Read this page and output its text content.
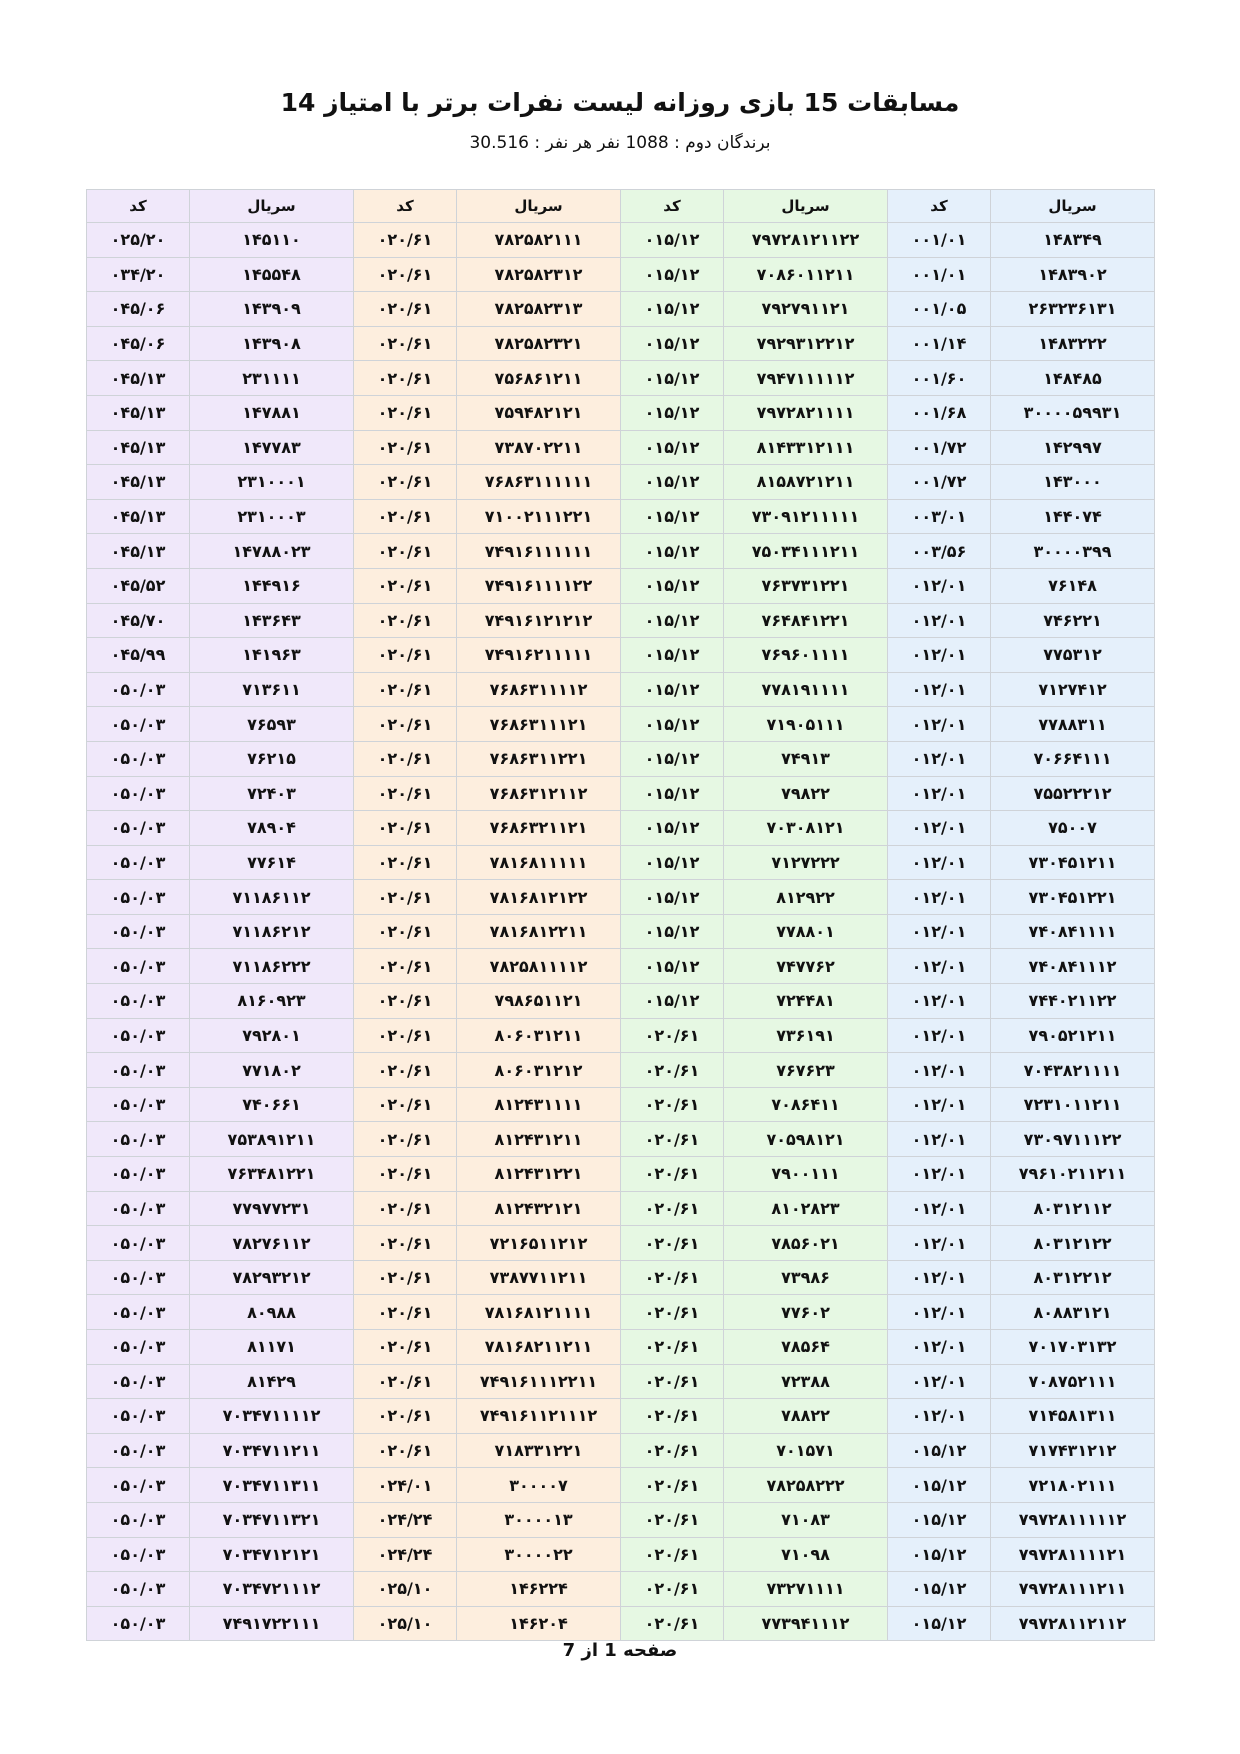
مسابقات 15 بازی روزانه لیست نفرات برتر با امتیاز 14
برندگان دوم : 1088 نفر هر نفر : 30.516
سریال	کد	سریال	کد	سریال	کد	سریال	کد
۱۴۸۳۴۹	۰۰۱/۰۱	۷۹۷۲۸۱۲۱۱۲۲	۰۱۵/۱۲	۷۸۲۵۸۲۱۱۱	۰۲۰/۶۱	۱۴۵۱۱۰	۰۲۵/۲۰
۱۴۸۳۹۰۲	۰۰۱/۰۱	۷۰۸۶۰۱۱۲۱۱	۰۱۵/۱۲	۷۸۲۵۸۲۳۱۲	۰۲۰/۶۱	۱۴۵۵۴۸	۰۳۴/۲۰
۲۶۳۲۳۶۱۳۱	۰۰۱/۰۵	۷۹۲۷۹۱۱۲۱	۰۱۵/۱۲	۷۸۲۵۸۲۳۱۳	۰۲۰/۶۱	۱۴۳۹۰۹	۰۴۵/۰۶
۱۴۸۳۲۲۲	۰۰۱/۱۴	۷۹۲۹۳۱۲۲۱۲	۰۱۵/۱۲	۷۸۲۵۸۲۳۲۱	۰۲۰/۶۱	۱۴۳۹۰۸	۰۴۵/۰۶
۱۴۸۴۸۵	۰۰۱/۶۰	۷۹۴۷۱۱۱۱۱۲	۰۱۵/۱۲	۷۵۶۸۶۱۲۱۱	۰۲۰/۶۱	۲۳۱۱۱۱	۰۴۵/۱۳
۳۰۰۰۰۵۹۹۳۱	۰۰۱/۶۸	۷۹۷۲۸۲۱۱۱۱	۰۱۵/۱۲	۷۵۹۴۸۲۱۲۱	۰۲۰/۶۱	۱۴۷۸۸۱	۰۴۵/۱۳
۱۴۲۹۹۷	۰۰۱/۷۲	۸۱۴۳۳۱۲۱۱۱	۰۱۵/۱۲	۷۳۸۷۰۲۲۱۱	۰۲۰/۶۱	۱۴۷۷۸۳	۰۴۵/۱۳
۱۴۳۰۰۰	۰۰۱/۷۲	۸۱۵۸۷۲۱۲۱۱	۰۱۵/۱۲	۷۶۸۶۳۱۱۱۱۱۱	۰۲۰/۶۱	۲۳۱۰۰۰۱	۰۴۵/۱۳
۱۴۴۰۷۴	۰۰۳/۰۱	۷۳۰۹۱۲۱۱۱۱۱	۰۱۵/۱۲	۷۱۰۰۲۱۱۱۲۲۱	۰۲۰/۶۱	۲۳۱۰۰۰۳	۰۴۵/۱۳
۳۰۰۰۰۳۹۹	۰۰۳/۵۶	۷۵۰۳۴۱۱۱۲۱۱	۰۱۵/۱۲	۷۴۹۱۶۱۱۱۱۱۱	۰۲۰/۶۱	۱۴۷۸۸۰۲۳	۰۴۵/۱۳
۷۶۱۴۸	۰۱۲/۰۱	۷۶۳۷۳۱۲۲۱	۰۱۵/۱۲	۷۴۹۱۶۱۱۱۱۲۲	۰۲۰/۶۱	۱۴۴۹۱۶	۰۴۵/۵۲
۷۴۶۲۲۱	۰۱۲/۰۱	۷۶۴۸۴۱۲۲۱	۰۱۵/۱۲	۷۴۹۱۶۱۲۱۲۱۲	۰۲۰/۶۱	۱۴۳۶۴۳	۰۴۵/۷۰
۷۷۵۳۱۲	۰۱۲/۰۱	۷۶۹۶۰۱۱۱۱	۰۱۵/۱۲	۷۴۹۱۶۲۱۱۱۱۱	۰۲۰/۶۱	۱۴۱۹۶۳	۰۴۵/۹۹
۷۱۲۷۴۱۲	۰۱۲/۰۱	۷۷۸۱۹۱۱۱۱	۰۱۵/۱۲	۷۶۸۶۳۱۱۱۱۲	۰۲۰/۶۱	۷۱۳۶۱۱	۰۵۰/۰۳
۷۷۸۸۳۱۱	۰۱۲/۰۱	۷۱۹۰۵۱۱۱	۰۱۵/۱۲	۷۶۸۶۳۱۱۱۲۱	۰۲۰/۶۱	۷۶۵۹۳	۰۵۰/۰۳
۷۰۶۶۴۱۱۱	۰۱۲/۰۱	۷۴۹۱۳	۰۱۵/۱۲	۷۶۸۶۳۱۱۲۲۱	۰۲۰/۶۱	۷۶۲۱۵	۰۵۰/۰۳
۷۵۵۲۲۲۱۲	۰۱۲/۰۱	۷۹۸۲۲	۰۱۵/۱۲	۷۶۸۶۳۱۲۱۱۲	۰۲۰/۶۱	۷۲۴۰۳	۰۵۰/۰۳
۷۵۰۰۷	۰۱۲/۰۱	۷۰۳۰۸۱۲۱	۰۱۵/۱۲	۷۶۸۶۳۲۱۱۲۱	۰۲۰/۶۱	۷۸۹۰۴	۰۵۰/۰۳
۷۳۰۴۵۱۲۱۱	۰۱۲/۰۱	۷۱۲۷۲۲۲	۰۱۵/۱۲	۷۸۱۶۸۱۱۱۱۱	۰۲۰/۶۱	۷۷۶۱۴	۰۵۰/۰۳
۷۳۰۴۵۱۲۲۱	۰۱۲/۰۱	۸۱۲۹۲۲	۰۱۵/۱۲	۷۸۱۶۸۱۲۱۲۲	۰۲۰/۶۱	۷۱۱۸۶۱۱۲	۰۵۰/۰۳
۷۴۰۸۴۱۱۱۱	۰۱۲/۰۱	۷۷۸۸۰۱	۰۱۵/۱۲	۷۸۱۶۸۱۲۲۱۱	۰۲۰/۶۱	۷۱۱۸۶۲۱۲	۰۵۰/۰۳
۷۴۰۸۴۱۱۱۲	۰۱۲/۰۱	۷۴۷۷۶۲	۰۱۵/۱۲	۷۸۲۵۸۱۱۱۱۲	۰۲۰/۶۱	۷۱۱۸۶۲۲۲	۰۵۰/۰۳
۷۴۴۰۲۱۱۲۲	۰۱۲/۰۱	۷۲۴۴۸۱	۰۱۵/۱۲	۷۹۸۶۵۱۱۲۱	۰۲۰/۶۱	۸۱۶۰۹۲۳	۰۵۰/۰۳
۷۹۰۵۲۱۲۱۱	۰۱۲/۰۱	۷۳۶۱۹۱	۰۲۰/۶۱	۸۰۶۰۳۱۲۱۱	۰۲۰/۶۱	۷۹۲۸۰۱	۰۵۰/۰۳
۷۰۴۳۸۲۱۱۱۱	۰۱۲/۰۱	۷۶۷۶۲۳	۰۲۰/۶۱	۸۰۶۰۳۱۲۱۲	۰۲۰/۶۱	۷۷۱۸۰۲	۰۵۰/۰۳
۷۲۳۱۰۱۱۲۱۱	۰۱۲/۰۱	۷۰۸۶۴۱۱	۰۲۰/۶۱	۸۱۲۴۳۱۱۱۱	۰۲۰/۶۱	۷۴۰۶۶۱	۰۵۰/۰۳
۷۳۰۹۷۱۱۱۲۲	۰۱۲/۰۱	۷۰۵۹۸۱۲۱	۰۲۰/۶۱	۸۱۲۴۳۱۲۱۱	۰۲۰/۶۱	۷۵۳۸۹۱۲۱۱	۰۵۰/۰۳
۷۹۶۱۰۲۱۱۲۱۱	۰۱۲/۰۱	۷۹۰۰۱۱۱	۰۲۰/۶۱	۸۱۲۴۳۱۲۲۱	۰۲۰/۶۱	۷۶۳۴۸۱۲۲۱	۰۵۰/۰۳
۸۰۳۱۲۱۱۲	۰۱۲/۰۱	۸۱۰۲۸۲۳	۰۲۰/۶۱	۸۱۲۴۳۲۱۲۱	۰۲۰/۶۱	۷۷۹۷۷۲۳۱	۰۵۰/۰۳
۸۰۳۱۲۱۲۲	۰۱۲/۰۱	۷۸۵۶۰۲۱	۰۲۰/۶۱	۷۲۱۶۵۱۱۲۱۲	۰۲۰/۶۱	۷۸۲۷۶۱۱۲	۰۵۰/۰۳
۸۰۳۱۲۲۱۲	۰۱۲/۰۱	۷۳۹۸۶	۰۲۰/۶۱	۷۳۸۷۷۱۱۲۱۱	۰۲۰/۶۱	۷۸۲۹۳۲۱۲	۰۵۰/۰۳
۸۰۸۸۳۱۲۱	۰۱۲/۰۱	۷۷۶۰۲	۰۲۰/۶۱	۷۸۱۶۸۱۲۱۱۱۱	۰۲۰/۶۱	۸۰۹۸۸	۰۵۰/۰۳
۷۰۱۷۰۳۱۳۲	۰۱۲/۰۱	۷۸۵۶۴	۰۲۰/۶۱	۷۸۱۶۸۲۱۱۲۱۱	۰۲۰/۶۱	۸۱۱۷۱	۰۵۰/۰۳
۷۰۸۷۵۲۱۱۱	۰۱۲/۰۱	۷۲۳۸۸	۰۲۰/۶۱	۷۴۹۱۶۱۱۱۲۲۱۱	۰۲۰/۶۱	۸۱۴۲۹	۰۵۰/۰۳
۷۱۴۵۸۱۳۱۱	۰۱۲/۰۱	۷۸۸۲۲	۰۲۰/۶۱	۷۴۹۱۶۱۱۲۱۱۱۲	۰۲۰/۶۱	۷۰۳۴۷۱۱۱۱۲	۰۵۰/۰۳
۷۱۷۴۳۱۲۱۲	۰۱۵/۱۲	۷۰۱۵۷۱	۰۲۰/۶۱	۷۱۸۳۳۱۲۲۱	۰۲۰/۶۱	۷۰۳۴۷۱۱۲۱۱	۰۵۰/۰۳
۷۲۱۸۰۲۱۱۱	۰۱۵/۱۲	۷۸۲۵۸۲۲۲	۰۲۰/۶۱	۳۰۰۰۰۷	۰۲۴/۰۱	۷۰۳۴۷۱۱۳۱۱	۰۵۰/۰۳
۷۹۷۲۸۱۱۱۱۱۲	۰۱۵/۱۲	۷۱۰۸۳	۰۲۰/۶۱	۳۰۰۰۰۱۳	۰۲۴/۲۴	۷۰۳۴۷۱۱۳۲۱	۰۵۰/۰۳
۷۹۷۲۸۱۱۱۱۲۱	۰۱۵/۱۲	۷۱۰۹۸	۰۲۰/۶۱	۳۰۰۰۰۲۲	۰۲۴/۲۴	۷۰۳۴۷۱۲۱۲۱	۰۵۰/۰۳
۷۹۷۲۸۱۱۱۲۱۱	۰۱۵/۱۲	۷۳۲۷۱۱۱۱	۰۲۰/۶۱	۱۴۶۲۲۴	۰۲۵/۱۰	۷۰۳۴۷۲۱۱۱۲	۰۵۰/۰۳
۷۹۷۲۸۱۱۲۱۱۲	۰۱۵/۱۲	۷۷۳۹۴۱۱۱۲	۰۲۰/۶۱	۱۴۶۲۰۴	۰۲۵/۱۰	۷۴۹۱۷۲۲۱۱۱	۰۵۰/۰۳
صفحه 1 از 7
